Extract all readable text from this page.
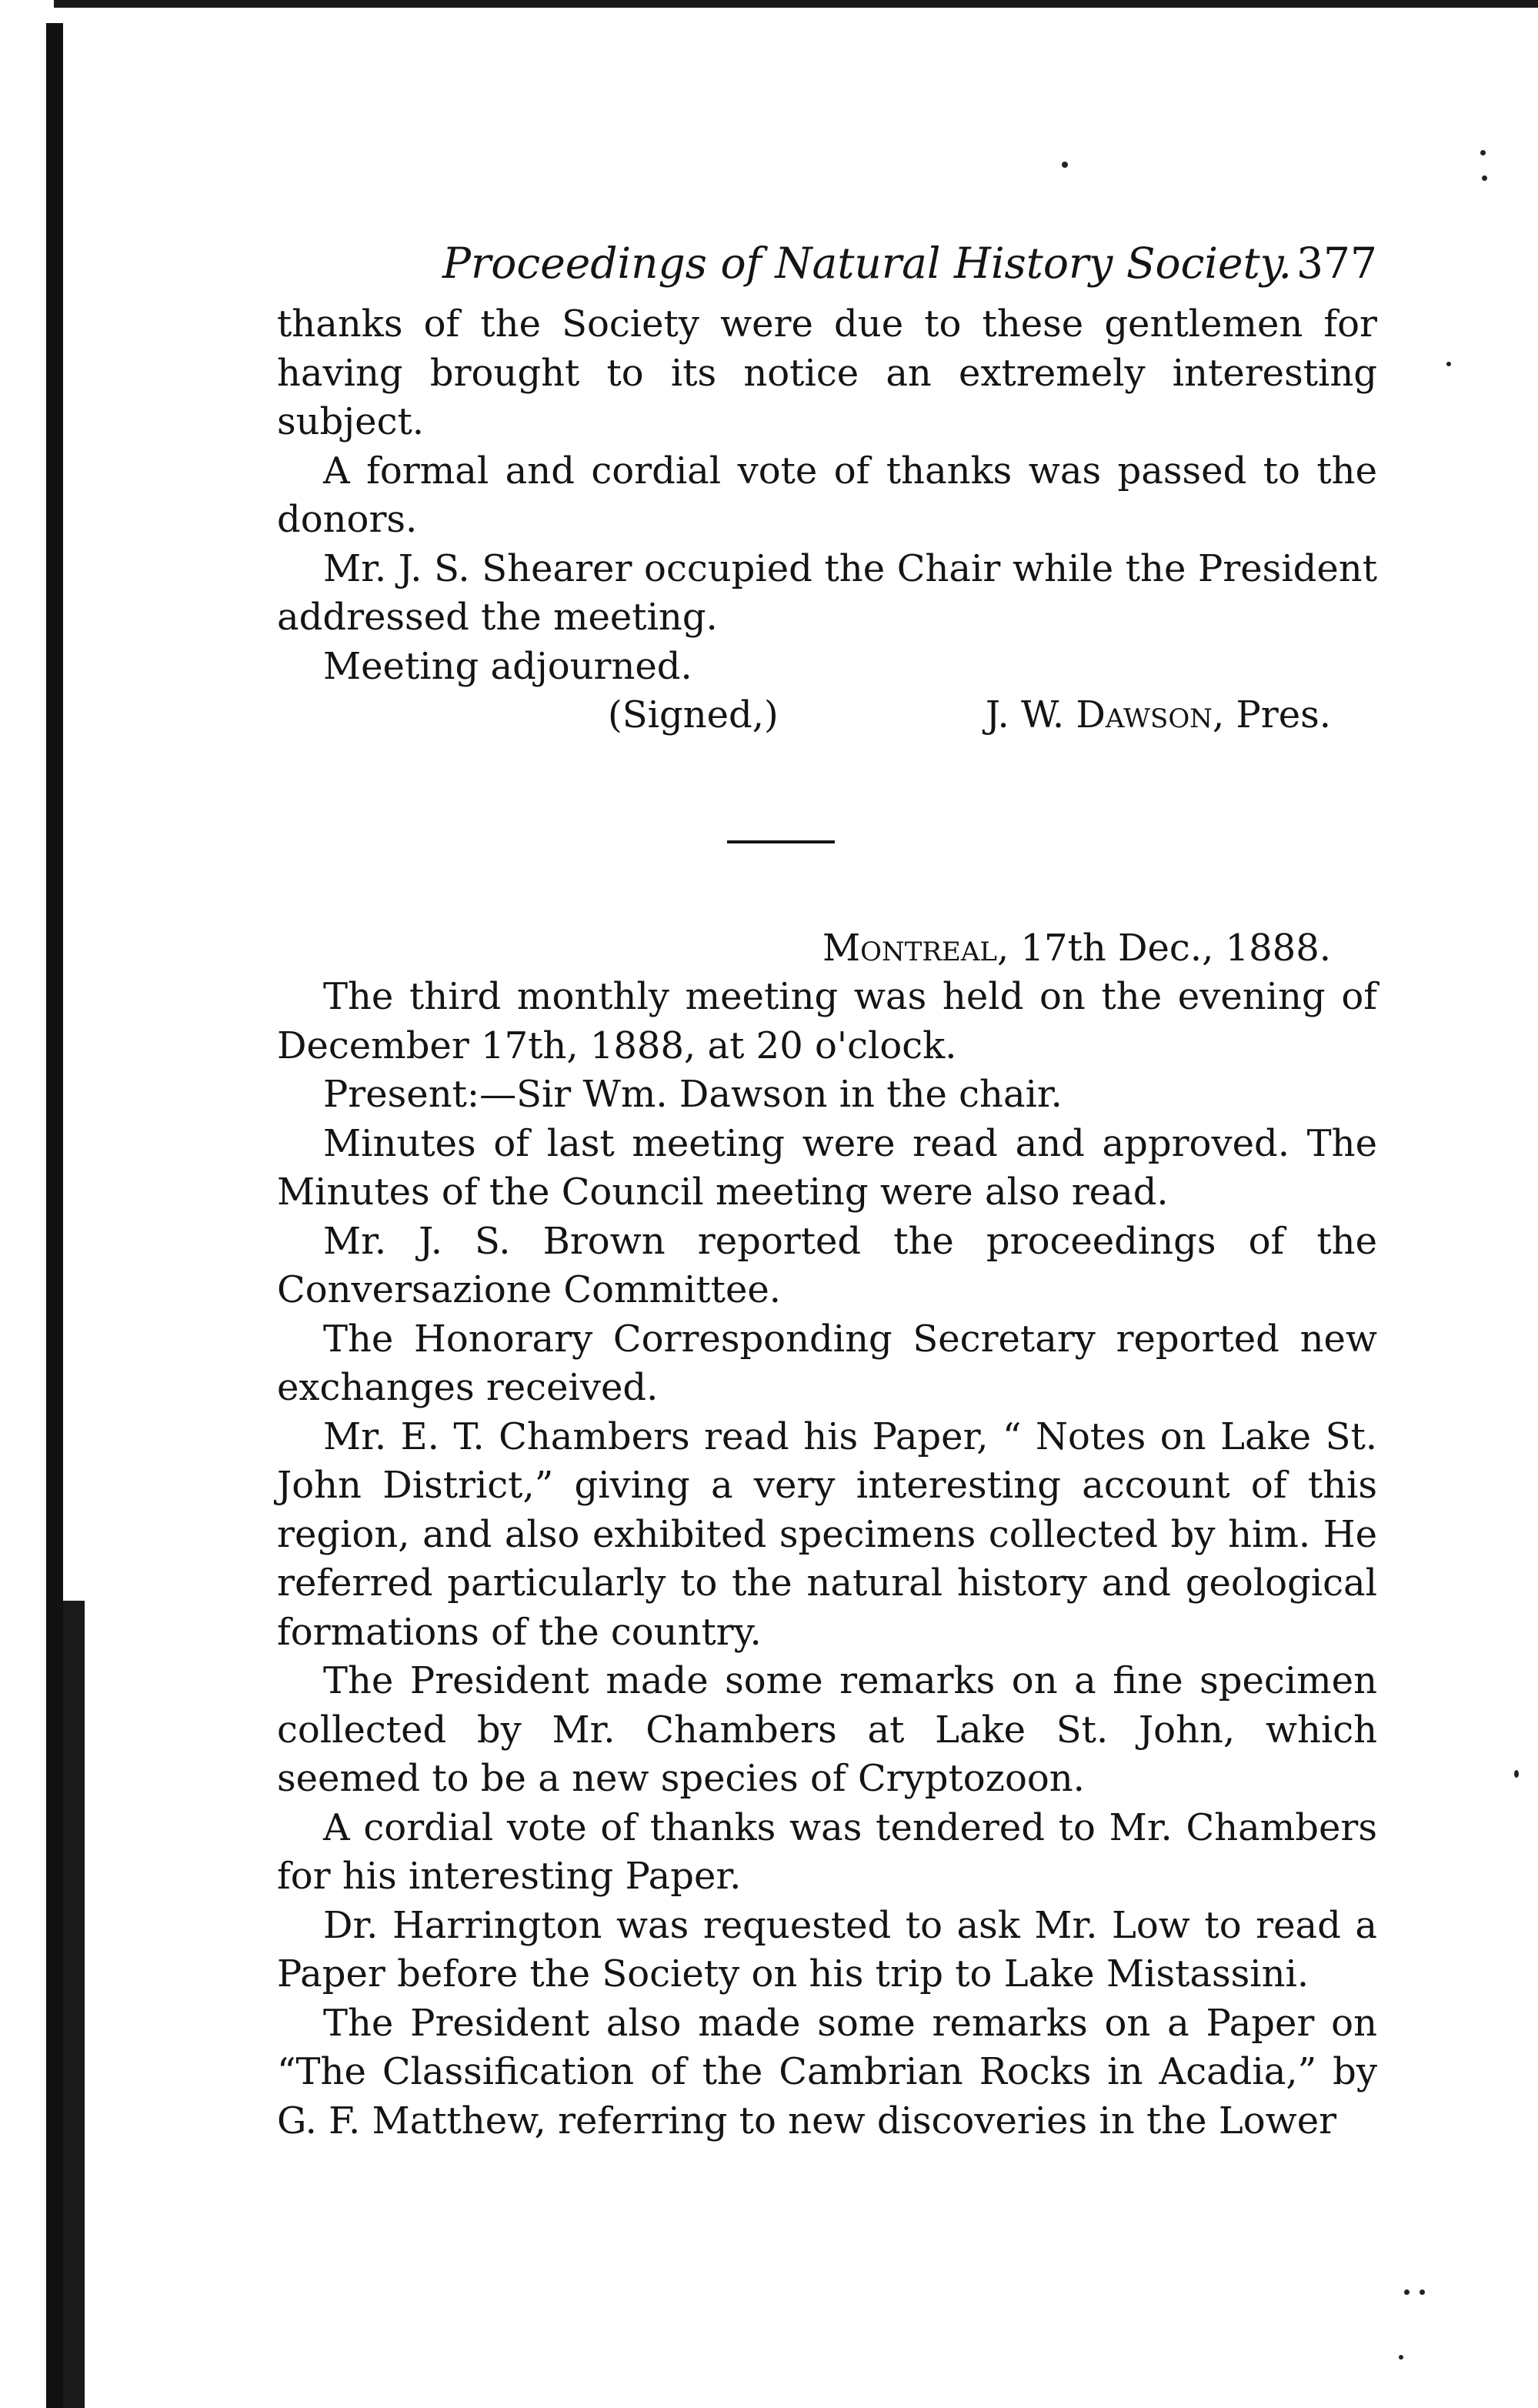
Proceedings of Natural History Society. 377

thanks of the Society were due to these gentlemen for having brought to its notice an extremely interesting subject.

A formal and cordial vote of thanks was passed to the donors.

Mr. J. S. Shearer occupied the Chair while the President addressed the meeting.

Meeting adjourned.

(Signed,)	J. W. Dawson, Pres.
Montreal, 17th Dec., 1888.

The third monthly meeting was held on the evening of December 17th, 1888, at 20 o'clock.

Present:—Sir Wm. Dawson in the chair.

Minutes of last meeting were read and approved. The Minutes of the Council meeting were also read.

Mr. J. S. Brown reported the proceedings of the Conversazione Committee.

The Honorary Corresponding Secretary reported new exchanges received.

Mr. E. T. Chambers read his Paper, “ Notes on Lake St. John District,” giving a very interesting account of this region, and also exhibited specimens collected by him. He referred particularly to the natural history and geological formations of the country.

The President made some remarks on a fine specimen collected by Mr. Chambers at Lake St. John, which seemed to be a new species of Cryptozoon.

A cordial vote of thanks was tendered to Mr. Chambers for his interesting Paper.

Dr. Harrington was requested to ask Mr. Low to read a Paper before the Society on his trip to Lake Mistassini.

The President also made some remarks on a Paper on “The Classification of the Cambrian Rocks in Acadia,” by G. F. Matthew, referring to new discoveries in the Lower
